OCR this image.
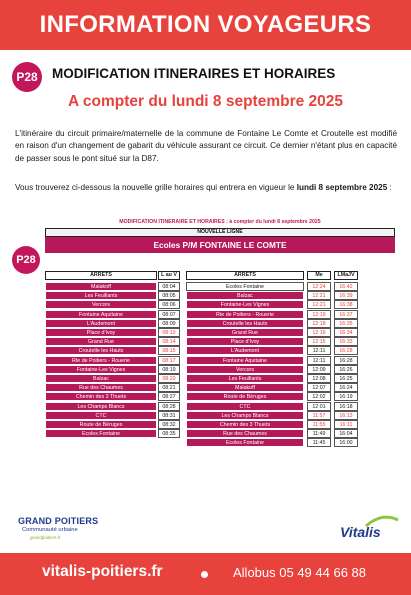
INFORMATION VOYAGEURS
P28	MODIFICATION ITINERAIRES ET HORAIRES
A compter du lundi 8 septembre 2025
L'itinéraire du circuit primaire/maternelle de la commune de Fontaine Le Comte et Croutelle est modifié en raison d'un changement de gabarit du véhicule assurant ce circuit. Ce dernier n'étant plus en capacité de passer sous le pont situé sur la D87.
Vous trouverez ci-dessous la nouvelle grille horaires qui entrera en vigueur le lundi 8 septembre 2025 :
MODIFICATION ITINERAIRE ET HORAIRES : à compter du lundi 8 septembre 2025
NOUVELLE LIGNE
Ecoles P/M FONTAINE LE COMTE
P28
ARRETS	L au V	ARRETS	Me	LMaJV
Malakoff	08:04
Les Feuillants	08:05
Vercors	08:06
Fontaine Aquitaine	08:07
L'Audemont	08:09
Place d'Ivoy	08:13
Grand Rue	08:14
Croutelle les Hauts	08:15
Rte de Poitiers - Rouerie	08:17
Fontaine-Les Vignes	08:19
Balzac	08:20
Rue des Chaumes	08:21
Chemin des 3 Thuets	08:27
Les Champs Blancs	08:28
CTC	08:31
Route de Béruges	08:32
Ecoles Fontaine	08:35
Ecoles Fontaine	12:24	16:42
Balzac	12:21	16:39
Fontaine-Les Vignes	12:21	16:38
Rte de Poitiers - Rouerie	12:19	16:37
Croutelle les Hauts	12:18	16:35
Grand Rue	12:16	16:34
Place d'Ivoy	12:15	16:33
L'Audemont	12:11	16:28
Fontaine Aquitaine	12:11	16:28
Vercors	12:09	16:26
Les Feuillants	12:08	16:25
Malakoff	12:07	16:24
Route de Béruges	12:02	16:19
CTC	12:01	16:18
Les Champs Blancs	11:57	16:13
Chemin des 3 Thuets	11:55	16:11
Rue des Chaumes	11:49	16:04
Ecoles Fontaine	11:45	16:00
GRAND POITIERS
Communauté urbaine
grandpoitiers.fr	Vitalis
vitalis-poitiers.fr	Allobus 05 49 44 66 88
